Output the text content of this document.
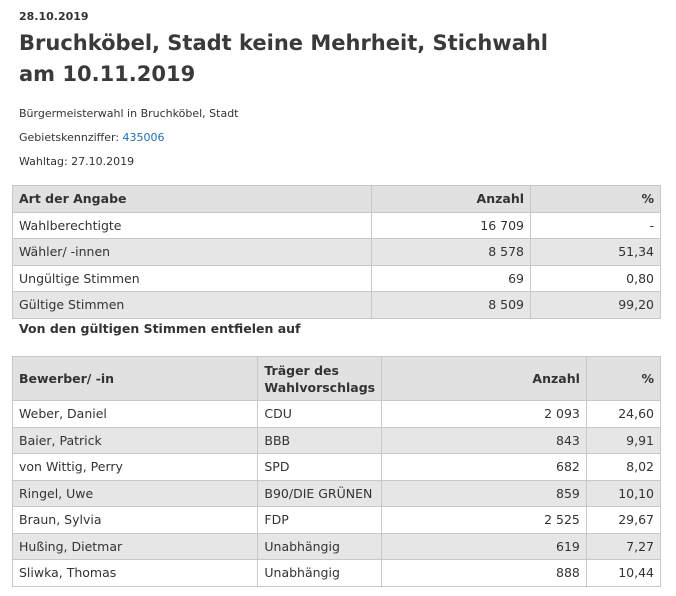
28.10.2019
Bruchköbel, Stadt keine Mehrheit, Stichwahl am 10.11.2019
Bürgermeisterwahl in Bruchköbel, Stadt
Gebietskennziffer: 435006
Wahltag: 27.10.2019
Art der Angabe	Anzahl	%
Wahlberechtigte	16 709	-
Wähler/ -innen	8 578	51,34
Ungültige Stimmen	69	0,80
Gültige Stimmen	8 509	99,20
Von den gültigen Stimmen entfielen auf
Bewerber/ -in	Träger des Wahlvorschlags	Anzahl	%
Weber, Daniel	CDU	2 093	24,60
Baier, Patrick	BBB	843	9,91
von Wittig, Perry	SPD	682	8,02
Ringel, Uwe	B90/DIE GRÜNEN	859	10,10
Braun, Sylvia	FDP	2 525	29,67
Hußing, Dietmar	Unabhängig	619	7,27
Sliwka, Thomas	Unabhängig	888	10,44
